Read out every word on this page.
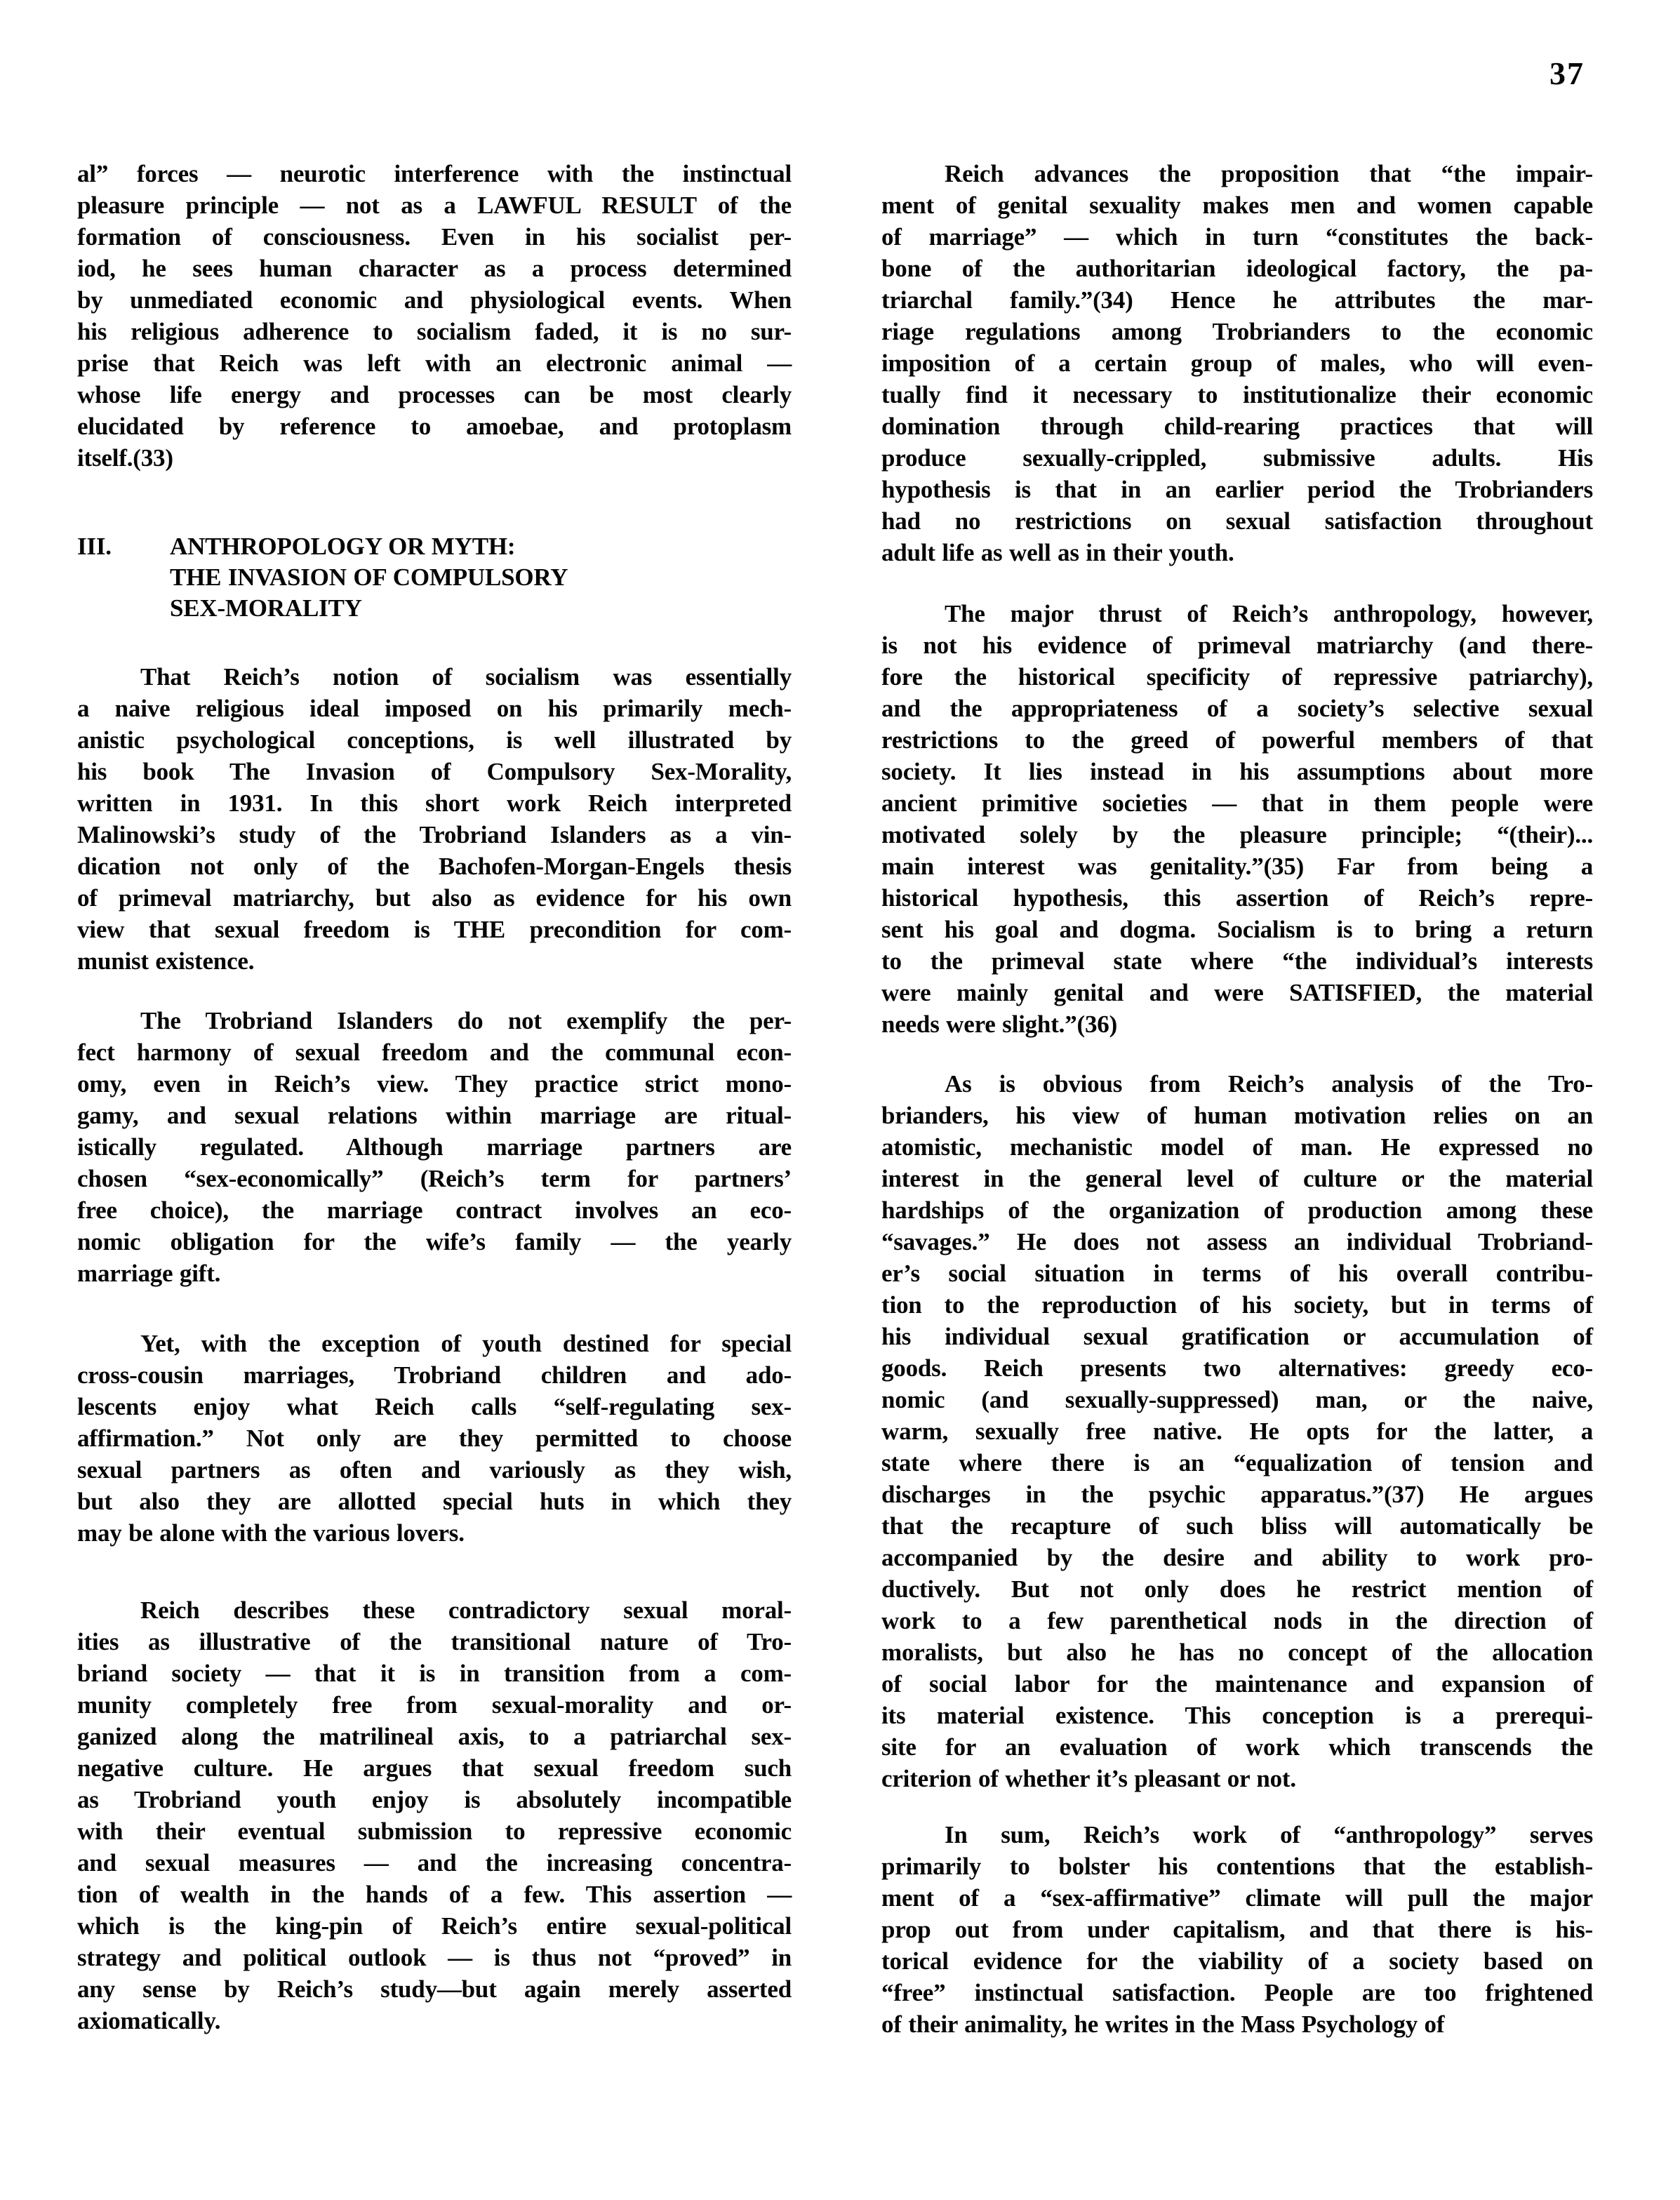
37
al” forces — neurotic interference with the instinctual
pleasure principle — not as a LAWFUL RESULT of the
formation of consciousness. Even in his socialist per-
iod, he sees human character as a process determined
by unmediated economic and physiological events. When
his religious adherence to socialism faded, it is no sur-
prise that Reich was left with an electronic animal —
whose life energy and processes can be most clearly
elucidated by reference to amoebae, and protoplasm
itself.(33)
III.	ANTHROPOLOGY OR MYTH:
THE INVASION OF COMPULSORY
SEX-MORALITY
That Reich’s notion of socialism was essentially
a naive religious ideal imposed on his primarily mech-
anistic psychological conceptions, is well illustrated by
his book The Invasion of Compulsory Sex-Morality,
written in 1931. In this short work Reich interpreted
Malinowski’s study of the Trobriand Islanders as a vin-
dication not only of the Bachofen-Morgan-Engels thesis
of primeval matriarchy, but also as evidence for his own
view that sexual freedom is THE precondition for com-
munist existence.
The Trobriand Islanders do not exemplify the per-
fect harmony of sexual freedom and the communal econ-
omy, even in Reich’s view. They practice strict mono-
gamy, and sexual relations within marriage are ritual-
istically regulated. Although marriage partners are
chosen “sex-economically” (Reich’s term for partners’
free choice), the marriage contract involves an eco-
nomic obligation for the wife’s family — the yearly
marriage gift.
Yet, with the exception of youth destined for special
cross-cousin marriages, Trobriand children and ado-
lescents enjoy what Reich calls “self-regulating sex-
affirmation.” Not only are they permitted to choose
sexual partners as often and variously as they wish,
but also they are allotted special huts in which they
may be alone with the various lovers.
Reich describes these contradictory sexual moral-
ities as illustrative of the transitional nature of Tro-
briand society — that it is in transition from a com-
munity completely free from sexual-morality and or-
ganized along the matrilineal axis, to a patriarchal sex-
negative culture. He argues that sexual freedom such
as Trobriand youth enjoy is absolutely incompatible
with their eventual submission to repressive economic
and sexual measures — and the increasing concentra-
tion of wealth in the hands of a few. This assertion —
which is the king-pin of Reich’s entire sexual-political
strategy and political outlook — is thus not “proved” in
any sense by Reich’s study—but again merely asserted
axiomatically.
Reich advances the proposition that “the impair-
ment of genital sexuality makes men and women capable
of marriage” — which in turn “constitutes the back-
bone of the authoritarian ideological factory, the pa-
triarchal family.”(34) Hence he attributes the mar-
riage regulations among Trobrianders to the economic
imposition of a certain group of males, who will even-
tually find it necessary to institutionalize their economic
domination through child-rearing practices that will
produce sexually-crippled, submissive adults. His
hypothesis is that in an earlier period the Trobrianders
had no restrictions on sexual satisfaction throughout
adult life as well as in their youth.
The major thrust of Reich’s anthropology, however,
is not his evidence of primeval matriarchy (and there-
fore the historical specificity of repressive patriarchy),
and the appropriateness of a society’s selective sexual
restrictions to the greed of powerful members of that
society. It lies instead in his assumptions about more
ancient primitive societies — that in them people were
motivated solely by the pleasure principle; “(their)...
main interest was genitality.”(35) Far from being a
historical hypothesis, this assertion of Reich’s repre-
sent his goal and dogma. Socialism is to bring a return
to the primeval state where “the individual’s interests
were mainly genital and were SATISFIED, the material
needs were slight.”(36)
As is obvious from Reich’s analysis of the Tro-
brianders, his view of human motivation relies on an
atomistic, mechanistic model of man. He expressed no
interest in the general level of culture or the material
hardships of the organization of production among these
“savages.” He does not assess an individual Trobriand-
er’s social situation in terms of his overall contribu-
tion to the reproduction of his society, but in terms of
his individual sexual gratification or accumulation of
goods. Reich presents two alternatives: greedy eco-
nomic (and sexually-suppressed) man, or the naive,
warm, sexually free native. He opts for the latter, a
state where there is an “equalization of tension and
discharges in the psychic apparatus.”(37) He argues
that the recapture of such bliss will automatically be
accompanied by the desire and ability to work pro-
ductively. But not only does he restrict mention of
work to a few parenthetical nods in the direction of
moralists, but also he has no concept of the allocation
of social labor for the maintenance and expansion of
its material existence. This conception is a prerequi-
site for an evaluation of work which transcends the
criterion of whether it’s pleasant or not.
In sum, Reich’s work of “anthropology” serves
primarily to bolster his contentions that the establish-
ment of a “sex-affirmative” climate will pull the major
prop out from under capitalism, and that there is his-
torical evidence for the viability of a society based on
“free” instinctual satisfaction. People are too frightened
of their animality, he writes in the Mass Psychology of
